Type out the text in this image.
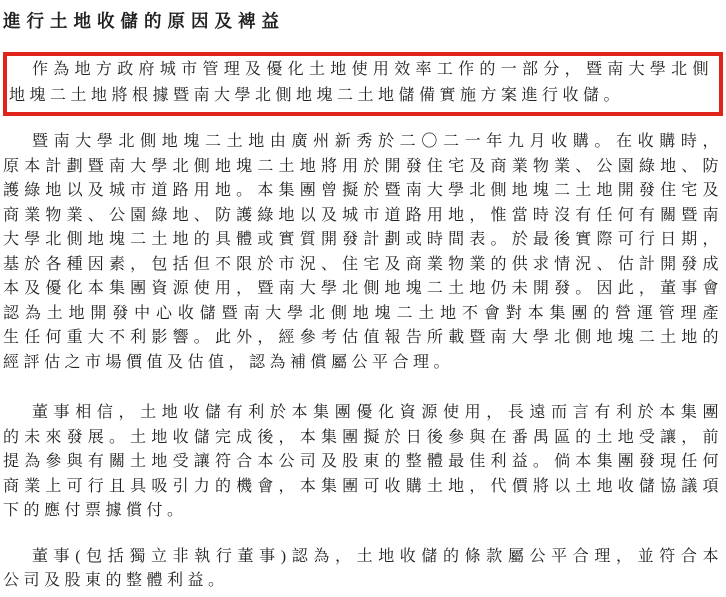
進行土地收儲的原因及裨益
作為地方政府城市管理及優化土地使用效率工作的一部分，暨南大學北側
地塊二土地將根據暨南大學北側地塊二土地儲備實施方案進行收儲。
暨南大學北側地塊二土地由廣州新秀於二〇二一年九月收購。在收購時，
原本計劃暨南大學北側地塊二土地將用於開發住宅及商業物業、公園綠地、防
護綠地以及城市道路用地。本集團曾擬於暨南大學北側地塊二土地開發住宅及
商業物業、公園綠地、防護綠地以及城市道路用地，惟當時沒有任何有關暨南
大學北側地塊二土地的具體或實質開發計劃或時間表。於最後實際可行日期，
基於各種因素，包括但不限於市況、住宅及商業物業的供求情況、估計開發成
本及優化本集團資源使用，暨南大學北側地塊二土地仍未開發。因此，董事會
認為土地開發中心收儲暨南大學北側地塊二土地不會對本集團的營運管理產
生任何重大不利影響。此外，經參考估值報告所載暨南大學北側地塊二土地的
經評估之市場價值及估值，認為補償屬公平合理。
董事相信，土地收儲有利於本集團優化資源使用，長遠而言有利於本集團
的未來發展。土地收儲完成後，本集團擬於日後參與在番禺區的土地受讓，前
提為參與有關土地受讓符合本公司及股東的整體最佳利益。倘本集團發現任何
商業上可行且具吸引力的機會，本集團可收購土地，代價將以土地收儲協議項
下的應付票據償付。
董事(包括獨立非執行董事)認為，土地收儲的條款屬公平合理，並符合本
公司及股東的整體利益。
